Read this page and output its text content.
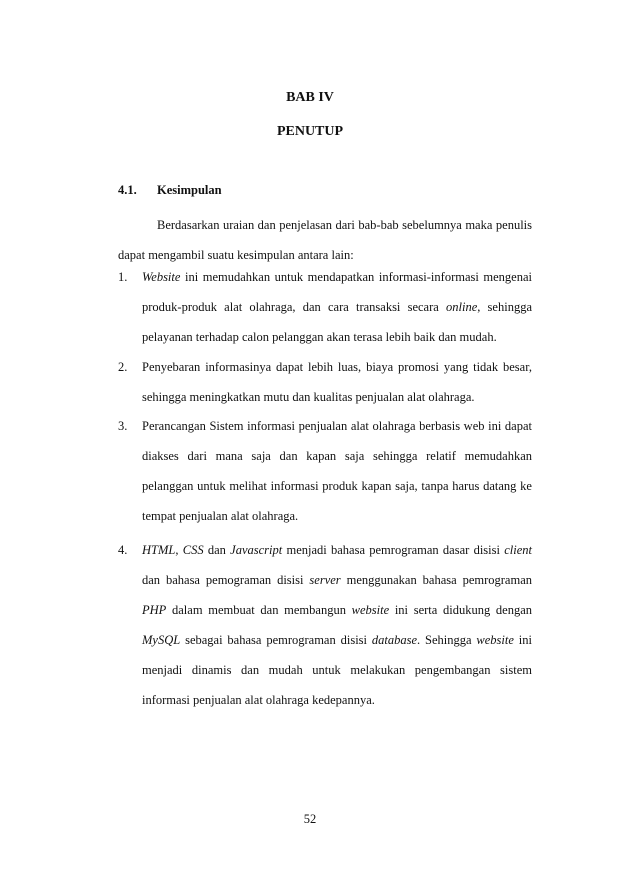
BAB IV
PENUTUP
4.1. Kesimpulan

Berdasarkan uraian dan penjelasan dari bab-bab sebelumnya maka penulis dapat mengambil suatu kesimpulan antara lain:

1. Website ini memudahkan untuk mendapatkan informasi-informasi mengenai produk-produk alat olahraga, dan cara transaksi secara online, sehingga pelayanan terhadap calon pelanggan akan terasa lebih baik dan mudah.

2. Penyebaran informasinya dapat lebih luas, biaya promosi yang tidak besar, sehingga meningkatkan mutu dan kualitas penjualan alat olahraga.

3. Perancangan Sistem informasi penjualan alat olahraga berbasis web ini dapat diakses dari mana saja dan kapan saja sehingga relatif memudahkan pelanggan untuk melihat informasi produk kapan saja, tanpa harus datang ke tempat penjualan alat olahraga.

4. HTML, CSS dan Javascript menjadi bahasa pemrograman dasar disisi client dan bahasa pemograman disisi server menggunakan bahasa pemrograman PHP dalam membuat dan membangun website ini serta didukung dengan MySQL sebagai bahasa pemrograman disisi database. Sehingga website ini menjadi dinamis dan mudah untuk melakukan pengembangan sistem informasi penjualan alat olahraga kedepannya.

52
